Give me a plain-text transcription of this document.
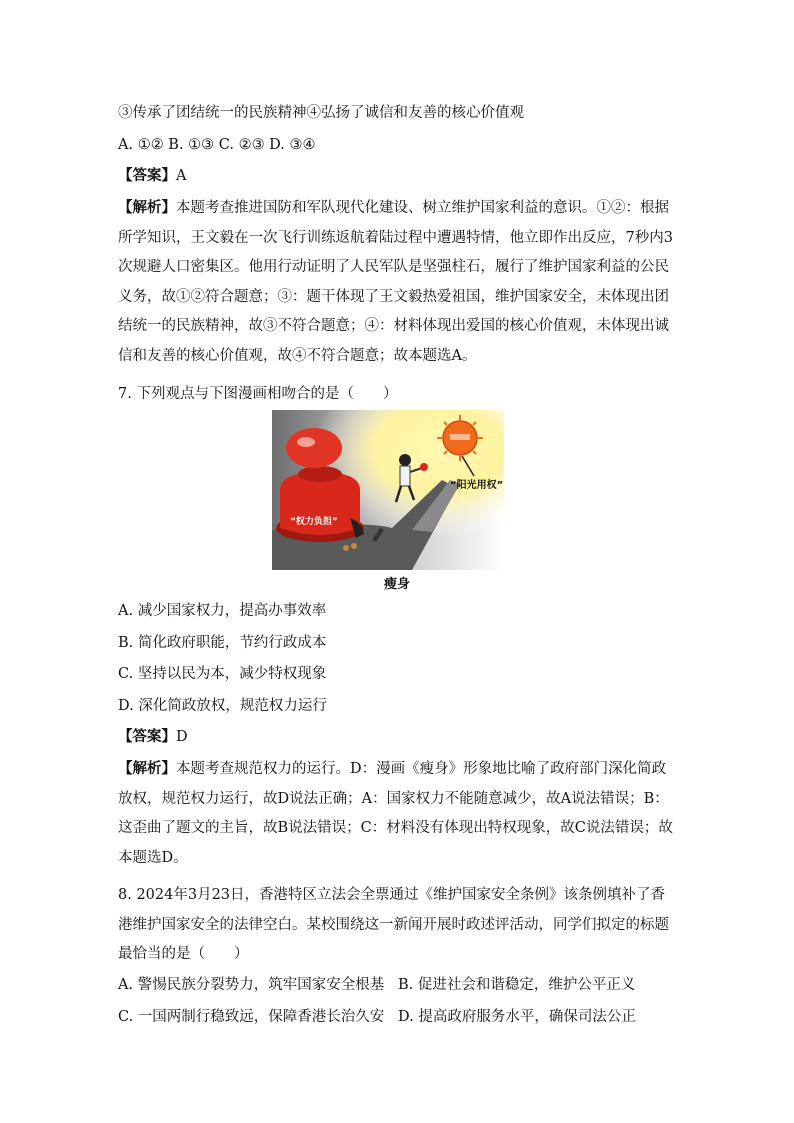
③传承了团结统一的民族精神④弘扬了诚信和友善的核心价值观
A. ①② B. ①③ C. ②③ D. ③④
【答案】A
【解析】本题考查推进国防和军队现代化建设、树立维护国家利益的意识。①②：根据所学知识，王文毅在一次飞行训练返航着陆过程中遭遇特情，他立即作出反应，7秒内3次规避人口密集区。他用行动证明了人民军队是坚强柱石，履行了维护国家利益的公民义务，故①②符合题意；③：题干体现了王文毅热爱祖国，维护国家安全，未体现出团结统一的民族精神，故③不符合题意；④：材料体现出爱国的核心价值观，未体现出诚信和友善的核心价值观，故④不符合题意；故本题选A。
7. 下列观点与下图漫画相吻合的是（　　）
“权力负担”
“阳光用权”
瘦身
A. 减少国家权力，提高办事效率
B. 简化政府职能，节约行政成本
C. 坚持以民为本，减少特权现象
D. 深化简政放权，规范权力运行
【答案】D
【解析】本题考查规范权力的运行。D：漫画《瘦身》形象地比喻了政府部门深化简政放权，规范权力运行，故D说法正确；A：国家权力不能随意减少，故A说法错误；B：这歪曲了题文的主旨，故B说法错误；C：材料没有体现出特权现象，故C说法错误；故本题选D。
8. 2024年3月23日，香港特区立法会全票通过《维护国家安全条例》该条例填补了香港维护国家安全的法律空白。某校围绕这一新闻开展时政述评活动，同学们拟定的标题最恰当的是（　　）
A. 警惕民族分裂势力，筑牢国家安全根基 B. 促进社会和谐稳定，维护公平正义
C. 一国两制行稳致远，保障香港长治久安 D. 提高政府服务水平，确保司法公正
